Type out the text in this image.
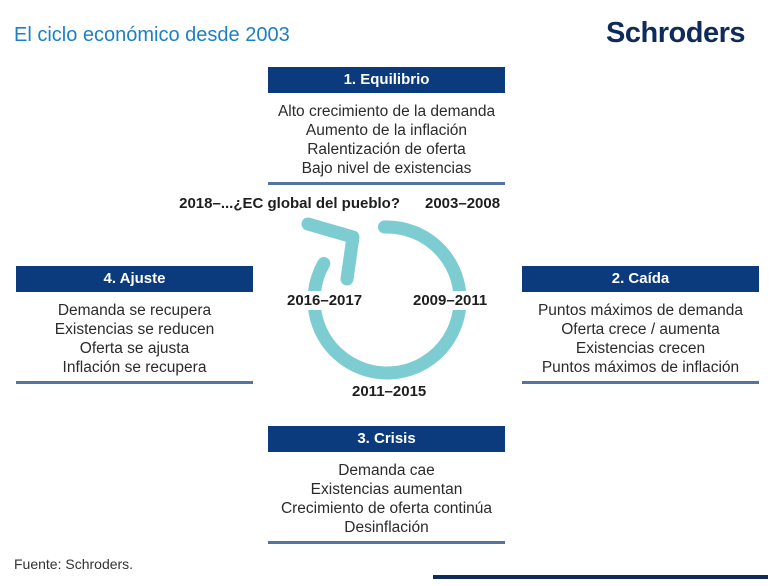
El ciclo económico desde 2003	Schroders
1. Equilibrio
Alto crecimiento de la demanda
Aumento de la inflación
Ralentización de oferta
Bajo nivel de existencias
2. Caída
Puntos máximos de demanda
Oferta crece / aumenta
Existencias crecen
Puntos máximos de inflación
3. Crisis
Demanda cae
Existencias aumentan
Crecimiento de oferta continúa
Desinflación
4. Ajuste
Demanda se recupera
Existencias se reducen
Oferta se ajusta
Inflación se recupera
2018–...¿EC global del pueblo? 2003–2008
2016–2017	2009–2011
2011–2015
Fuente: Schroders.
